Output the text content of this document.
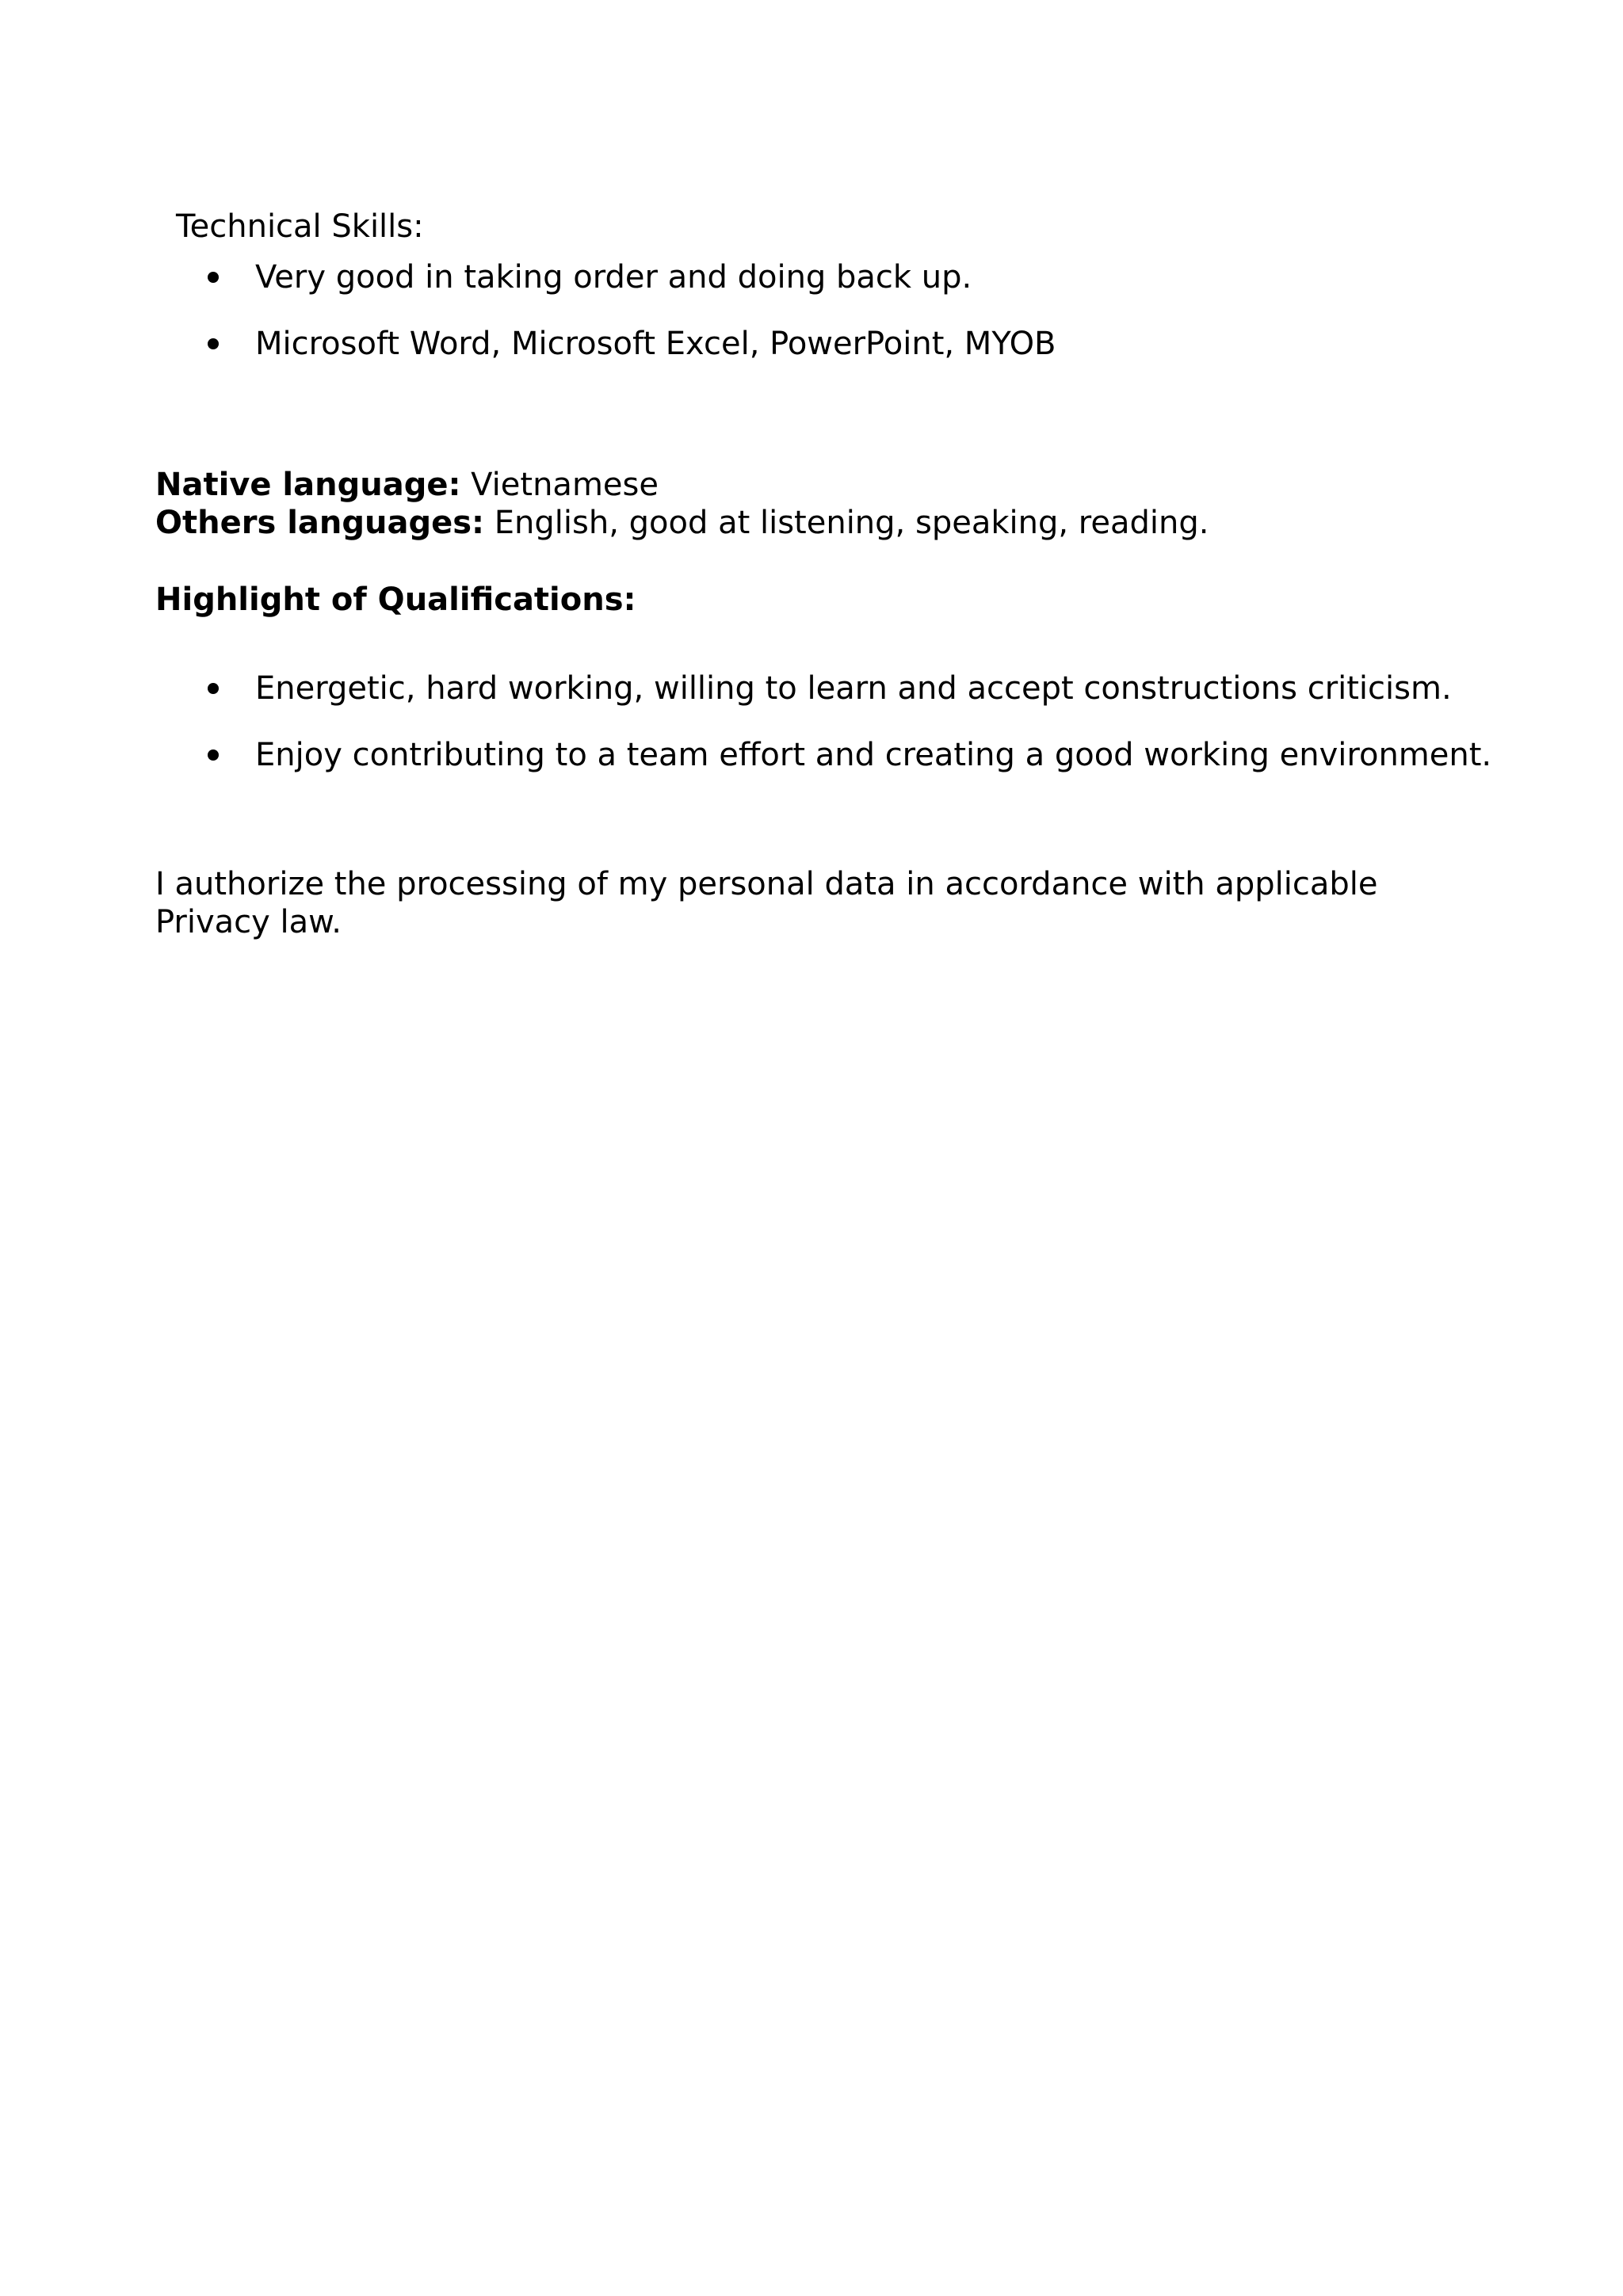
Technical Skills:
Very good in taking order and doing back up.
Microsoft Word, Microsoft Excel, PowerPoint, MYOB
Native language: Vietnamese
Others languages: English, good at listening, speaking, reading.
Highlight of Qualifications:
Energetic, hard working, willing to learn and accept constructions criticism.
Enjoy contributing to a team effort and creating a good working environment.
I authorize the processing of my personal data in accordance with applicable Privacy law.
